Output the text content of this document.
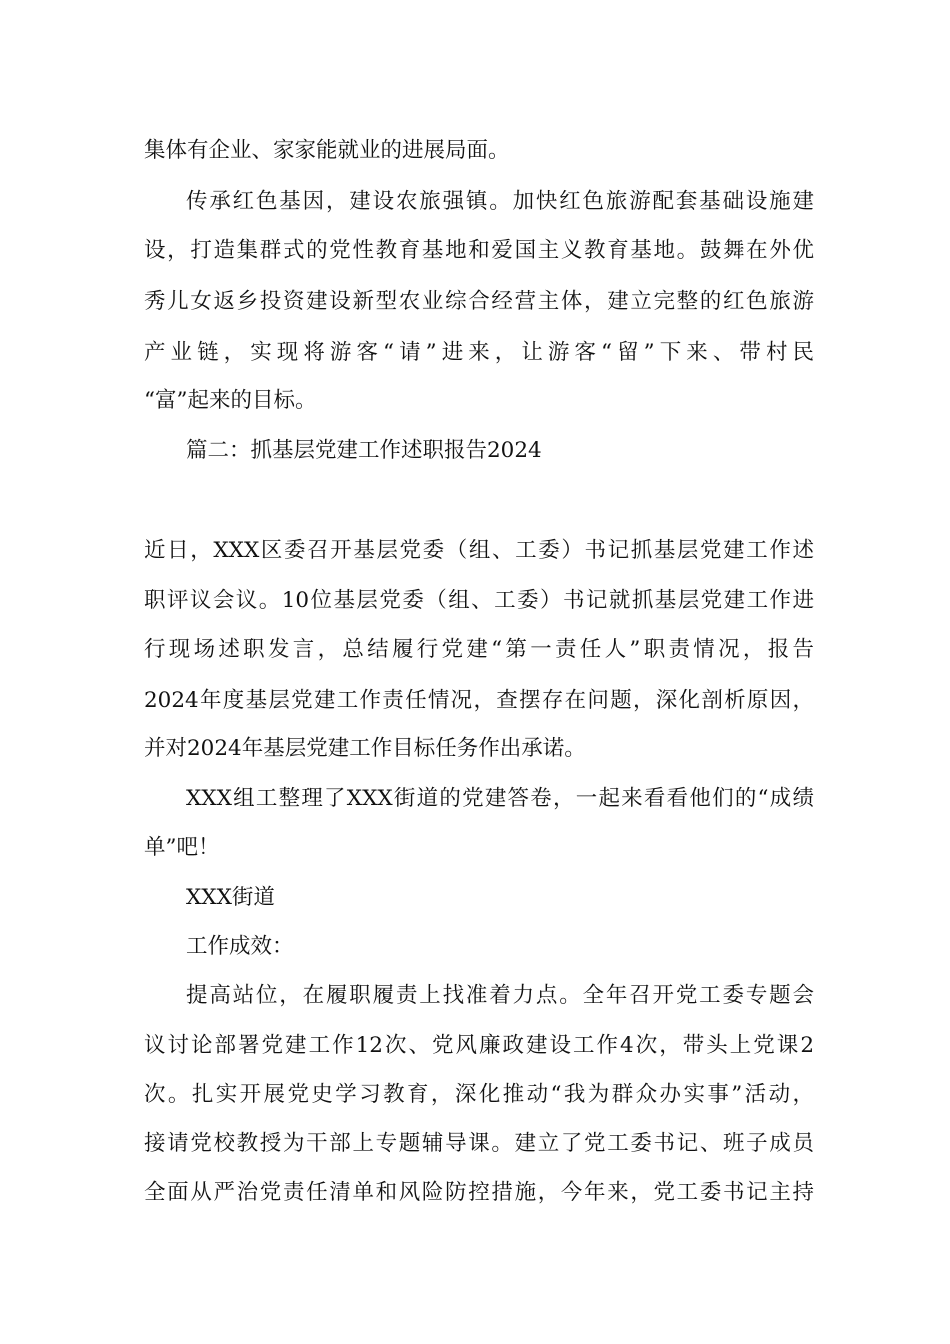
集体有企业、家家能就业的进展局面。
传承红色基因，建设农旅强镇。加快红色旅游配套基础设施建
设，打造集群式的党性教育基地和爱国主义教育基地。鼓舞在外优
秀儿女返乡投资建设新型农业综合经营主体，建立完整的红色旅游
产业链，实现将游客“请”进来，让游客“留”下来、带村民
“富”起来的目标。
篇二：抓基层党建工作述职报告2024
近日，XXX区委召开基层党委（组、工委）书记抓基层党建工作述
职评议会议。10位基层党委（组、工委）书记就抓基层党建工作进
行现场述职发言，总结履行党建“第一责任人”职责情况，报告
2024年度基层党建工作责任情况，查摆存在问题，深化剖析原因，
并对2024年基层党建工作目标任务作出承诺。
XXX组工整理了XXX街道的党建答卷，一起来看看他们的“成绩
单”吧！
XXX街道
工作成效：
提高站位，在履职履责上找准着力点。全年召开党工委专题会
议讨论部署党建工作12次、党风廉政建设工作4次，带头上党课2
次。扎实开展党史学习教育，深化推动“我为群众办实事”活动，
接请党校教授为干部上专题辅导课。建立了党工委书记、班子成员
全面从严治党责任清单和风险防控措施，今年来，党工委书记主持
